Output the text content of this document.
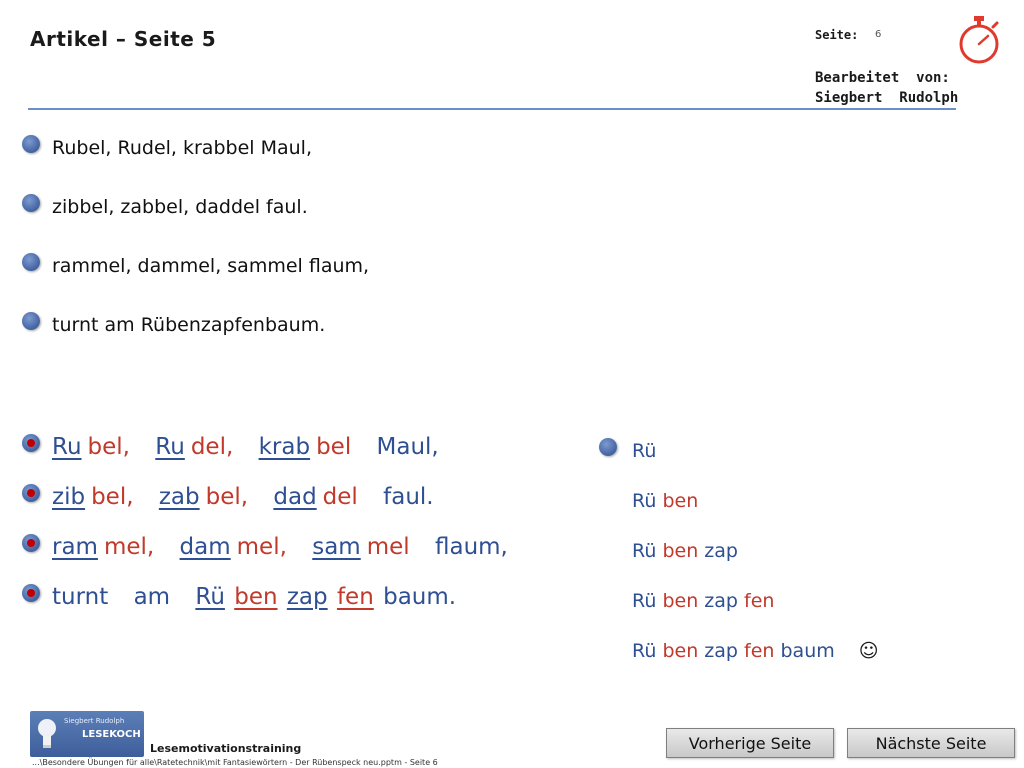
Artikel – Seite 5	Seite: 6
Bearbeitet  von:
Siegbert  Rudolph
Rubel, Rudel, krabbel Maul,
zibbel, zabbel, daddel faul.
rammel, dammel, sammel flaum,
turnt am Rübenzapfenbaum.
Ru bel, Ru del, krab bel Maul,
zib bel, zab bel, dad del faul.
ram mel, dam mel, sam mel flaum,
turnt am Rü ben zap fen baum.
Rü
Rü ben
Rü ben zap
Rü ben zap fen
Rü ben zap fen baum ☺
Siegbert Rudolph
LESEKOCH
Lesemotivationstraining
...\Besondere Übungen für alle\Ratetechnik\mit Fantasiewörtern - Der Rübenspeck neu.pptm - Seite 6
Vorherige Seite	Nächste Seite
